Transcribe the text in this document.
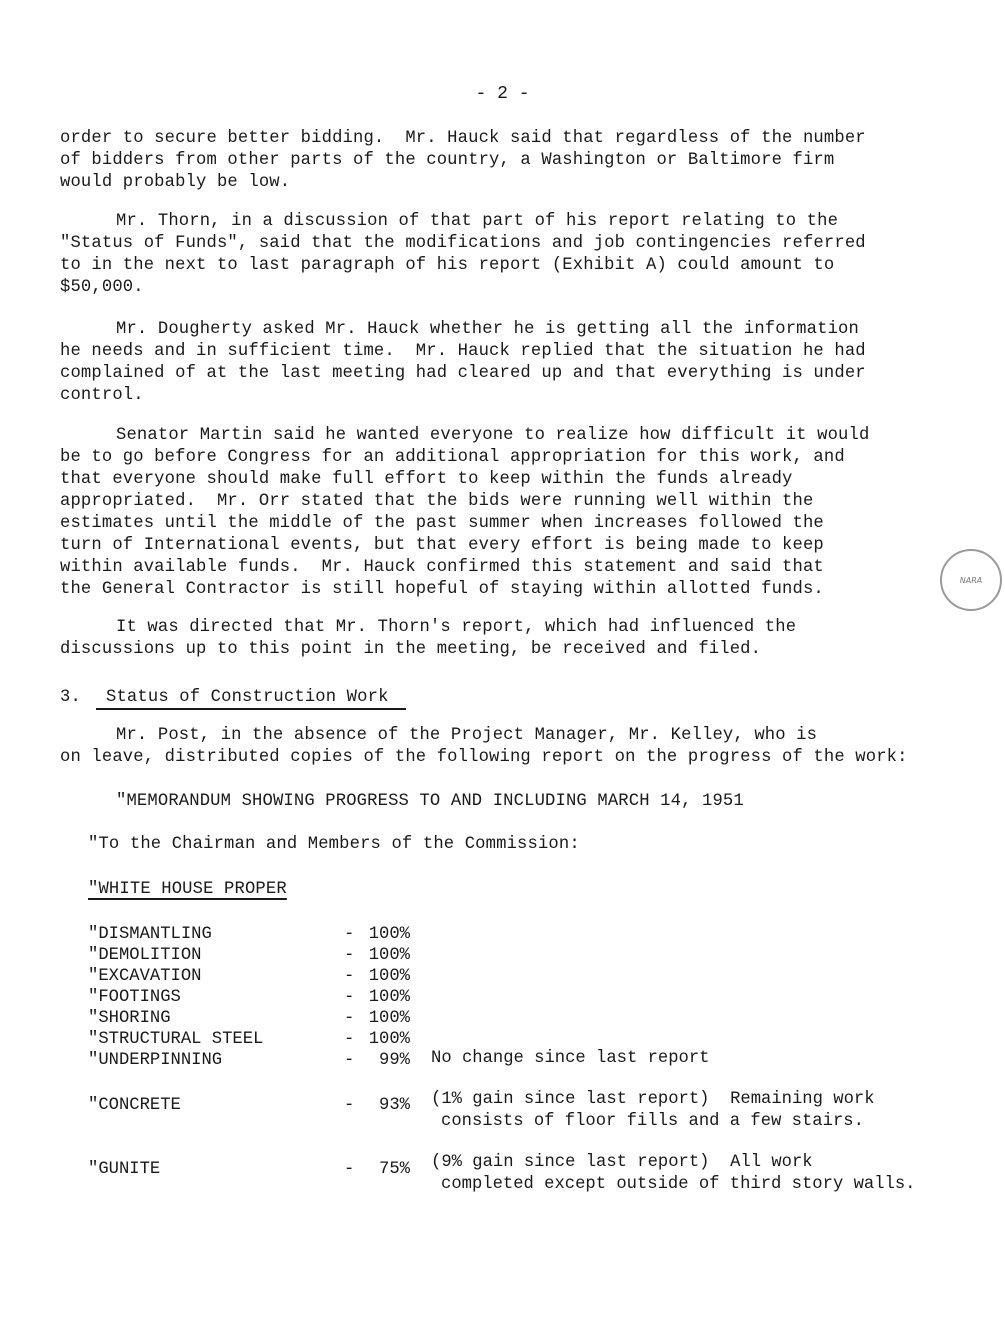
- 2 -
order to secure better bidding.  Mr. Hauck said that regardless of the number
of bidders from other parts of the country, a Washington or Baltimore firm
would probably be low.
Mr. Thorn, in a discussion of that part of his report relating to the
"Status of Funds", said that the modifications and job contingencies referred
to in the next to last paragraph of his report (Exhibit A) could amount to
$50,000.
Mr. Dougherty asked Mr. Hauck whether he is getting all the information
he needs and in sufficient time.  Mr. Hauck replied that the situation he had
complained of at the last meeting had cleared up and that everything is under
control.
Senator Martin said he wanted everyone to realize how difficult it would
be to go before Congress for an additional appropriation for this work, and
that everyone should make full effort to keep within the funds already
appropriated.  Mr. Orr stated that the bids were running well within the
estimates until the middle of the past summer when increases followed the
turn of International events, but that every effort is being made to keep
within available funds.  Mr. Hauck confirmed this statement and said that
the General Contractor is still hopeful of staying within allotted funds.	NARA
It was directed that Mr. Thorn's report, which had influenced the
discussions up to this point in the meeting, be received and filed.
3. Status of Construction Work
Mr. Post, in the absence of the Project Manager, Mr. Kelley, who is
on leave, distributed copies of the following report on the progress of the work:
"MEMORANDUM SHOWING PROGRESS TO AND INCLUDING MARCH 14, 1951
"To the Chairman and Members of the Commission:
"WHITE HOUSE PROPER
"DISMANTLING	- 100%
"DEMOLITION	- 100%
"EXCAVATION	- 100%
"FOOTINGS	- 100%
"SHORING	- 100%
"STRUCTURAL STEEL	- 100%
"UNDERPINNING	-	99% No change since last report
"CONCRETE	-	93% (1% gain since last report)  Remaining work
consists of floor fills and a few stairs.
"GUNITE	-	75% (9% gain since last report)  All work
completed except outside of third story walls.
